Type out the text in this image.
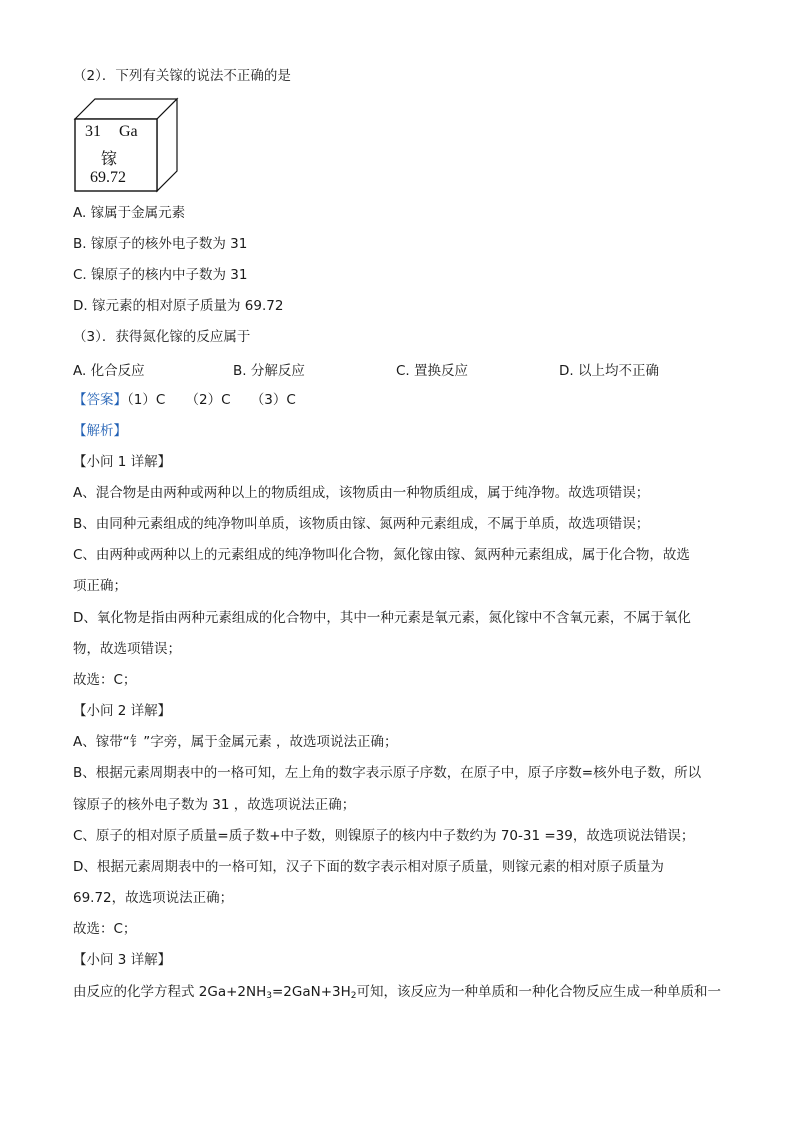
（2）．下列有关镓的说法不正确的是
31 Ga
镓
69.72
A. 镓属于金属元素
B. 镓原子的核外电子数为 31
C. 镍原子的核内中子数为 31
D. 镓元素的相对原子质量为 69.72
（3）．获得氮化镓的反应属于
A. 化合反应	B. 分解反应	C. 置换反应	D. 以上均不正确
【答案】（1）C　　（2）C　　（3）C
【解析】
【小问 1 详解】
A、混合物是由两种或两种以上的物质组成，该物质由一种物质组成，属于纯净物。故选项错误；
B、由同种元素组成的纯净物叫单质，该物质由镓、氮两种元素组成，不属于单质，故选项错误；
C、由两种或两种以上的元素组成的纯净物叫化合物，氮化镓由镓、氮两种元素组成，属于化合物，故选
项正确；
D、氧化物是指由两种元素组成的化合物中，其中一种元素是氧元素，氮化镓中不含氧元素，不属于氧化
物，故选项错误；
故选：C；
【小问 2 详解】
A、镓带“钅”字旁，属于金属元素 ，故选项说法正确；
B、根据元素周期表中的一格可知，左上角的数字表示原子序数，在原子中，原子序数=核外电子数，所以
镓原子的核外电子数为 31 ，故选项说法正确；
C、原子的相对原子质量=质子数+中子数，则镍原子的核内中子数约为 70-31 =39，故选项说法错误；
D、根据元素周期表中的一格可知，汉子下面的数字表示相对原子质量，则镓元素的相对原子质量为
69.72，故选项说法正确；
故选：C；
【小问 3 详解】
由反应的化学方程式 $2Ga+2NH_3=2GaN+3H_2$可知，该反应为一种单质和一种化合物反应生成一种单质和一
